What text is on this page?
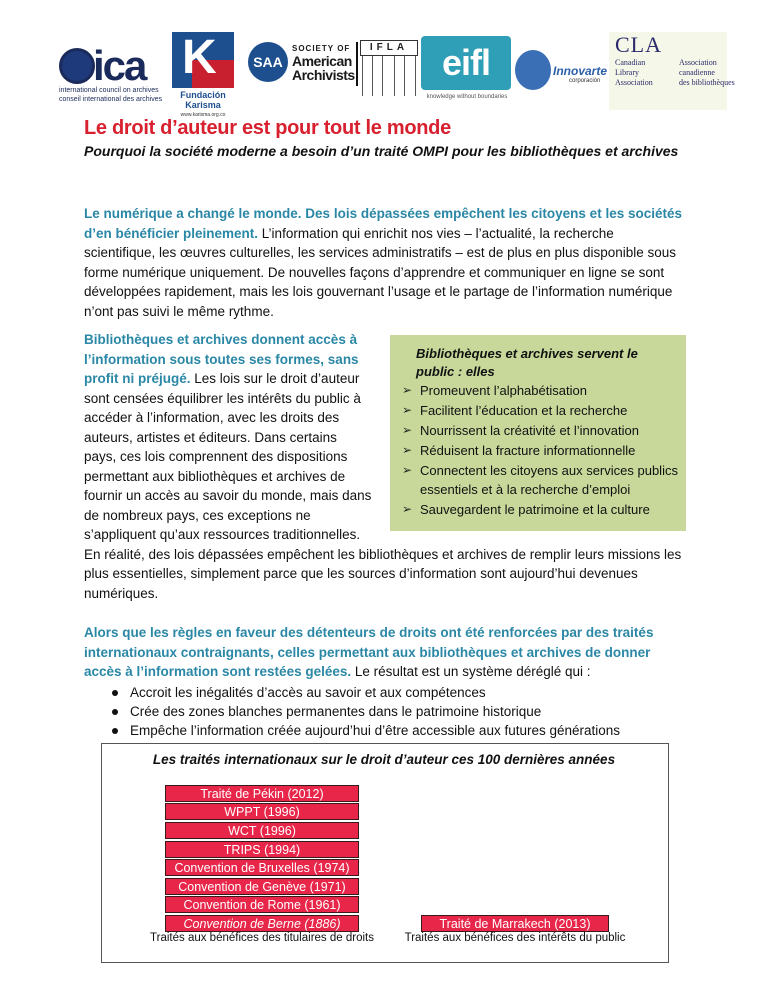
ica
international council on archives
conseil international des archives
K
Fundación Karisma
www.karisma.org.co
SAA
SOCIETY OF
American
Archivists
IFLA eifl
knowledge without boundaries
Innovarte
corporación
CLA
Canadian
Library
Association
Association
canadienne
des bibliothèques
Le droit d’auteur est pour tout le monde
Pourquoi la société moderne a besoin d’un traité OMPI pour les bibliothèques et archives
Le numérique a changé le monde. Des lois dépassées empêchent les citoyens et les sociétés d’en bénéficier pleinement. L’information qui enrichit nos vies – l’actualité, la recherche scientifique, les œuvres culturelles, les services administratifs – est de plus en plus disponible sous forme numérique uniquement. De nouvelles façons d’apprendre et communiquer en ligne se sont développées rapidement, mais les lois gouvernant l’usage et le partage de l’information numérique n’ont pas suivi le même rythme.
Bibliothèques et archives servent le public : elles
➢ Promeuvent l’alphabétisation
➢ Facilitent l’éducation et la recherche
➢ Nourrissent la créativité et l’innovation
➢ Réduisent la fracture informationnelle
➢ Connectent les citoyens aux services publics essentiels et à la recherche d’emploi
➢ Sauvegardent le patrimoine et la culture
Bibliothèques et archives donnent accès à l’information sous toutes ses formes, sans profit ni préjugé. Les lois sur le droit d’auteur sont censées équilibrer les intérêts du public à accéder à l’information, avec les droits des auteurs, artistes et éditeurs. Dans certains pays, ces lois comprennent des dispositions permettant aux bibliothèques et archives de fournir un accès au savoir du monde, mais dans de nombreux pays, ces exceptions ne s’appliquent qu’aux ressources traditionnelles. En réalité, des lois dépassées empêchent les bibliothèques et archives de remplir leurs missions les plus essentielles, simplement parce que les sources d’information sont aujourd’hui devenues numériques.
Alors que les règles en faveur des détenteurs de droits ont été renforcées par des traités internationaux contraignants, celles permettant aux bibliothèques et archives de donner accès à l’information sont restées gelées. Le résultat est un système déréglé qui :
Accroit les inégalités d’accès au savoir et aux compétences
Crée des zones blanches permanentes dans le patrimoine historique
Empêche l’information créée aujourd’hui d’être accessible aux futures générations
Les traités internationaux sur le droit d’auteur ces 100 dernières années
Traité de Pékin (2012)
WPPT (1996)
WCT (1996)
TRIPS (1994)
Convention de Bruxelles (1974)
Convention de Genève (1971)
Convention de Rome (1961)
Convention de Berne (1886)
Traités aux bénéfices des titulaires de droits
Traité de Marrakech (2013)
Traités aux bénéfices des intérêts du public
